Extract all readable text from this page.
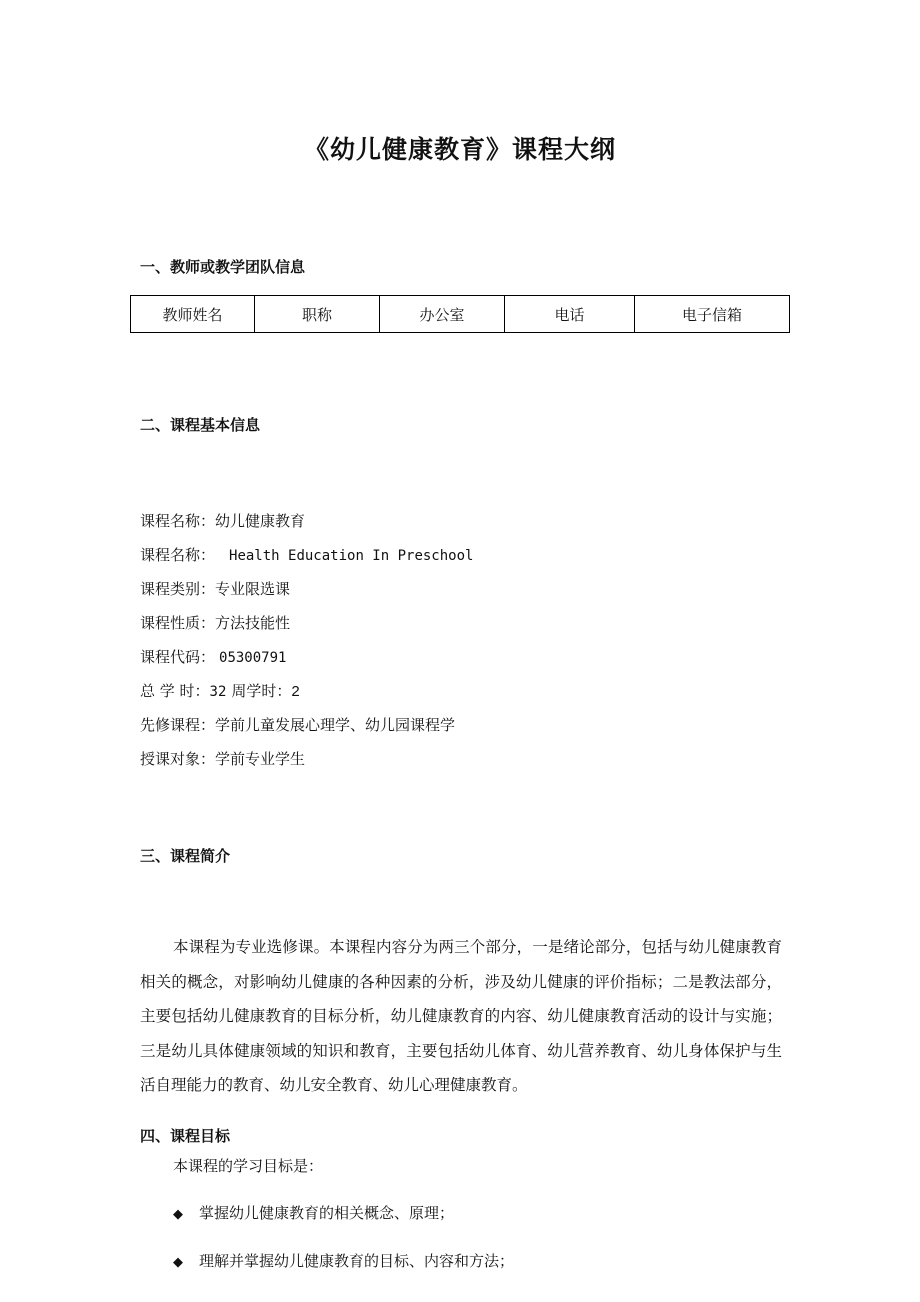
《幼儿健康教育》课程大纲
一、教师或教学团队信息
教师姓名	职称	办公室	电话	电子信箱
二、课程基本信息
课程名称：幼儿健康教育
课程名称： Health Education In Preschool
课程类别：专业限选课
课程性质：方法技能性
课程代码： 05300791
总 学 时：32 周学时：2
先修课程：学前儿童发展心理学、幼儿园课程学
授课对象：学前专业学生
三、课程简介
本课程为专业选修课。本课程内容分为两三个部分，一是绪论部分，包括与幼儿健康教育相关的概念，对影响幼儿健康的各种因素的分析，涉及幼儿健康的评价指标；二是教法部分，主要包括幼儿健康教育的目标分析，幼儿健康教育的内容、幼儿健康教育活动的设计与实施；三是幼儿具体健康领域的知识和教育，主要包括幼儿体育、幼儿营养教育、幼儿身体保护与生活自理能力的教育、幼儿安全教育、幼儿心理健康教育。
四、课程目标
本课程的学习目标是：
◆ 掌握幼儿健康教育的相关概念、原理；
◆ 理解并掌握幼儿健康教育的目标、内容和方法；
